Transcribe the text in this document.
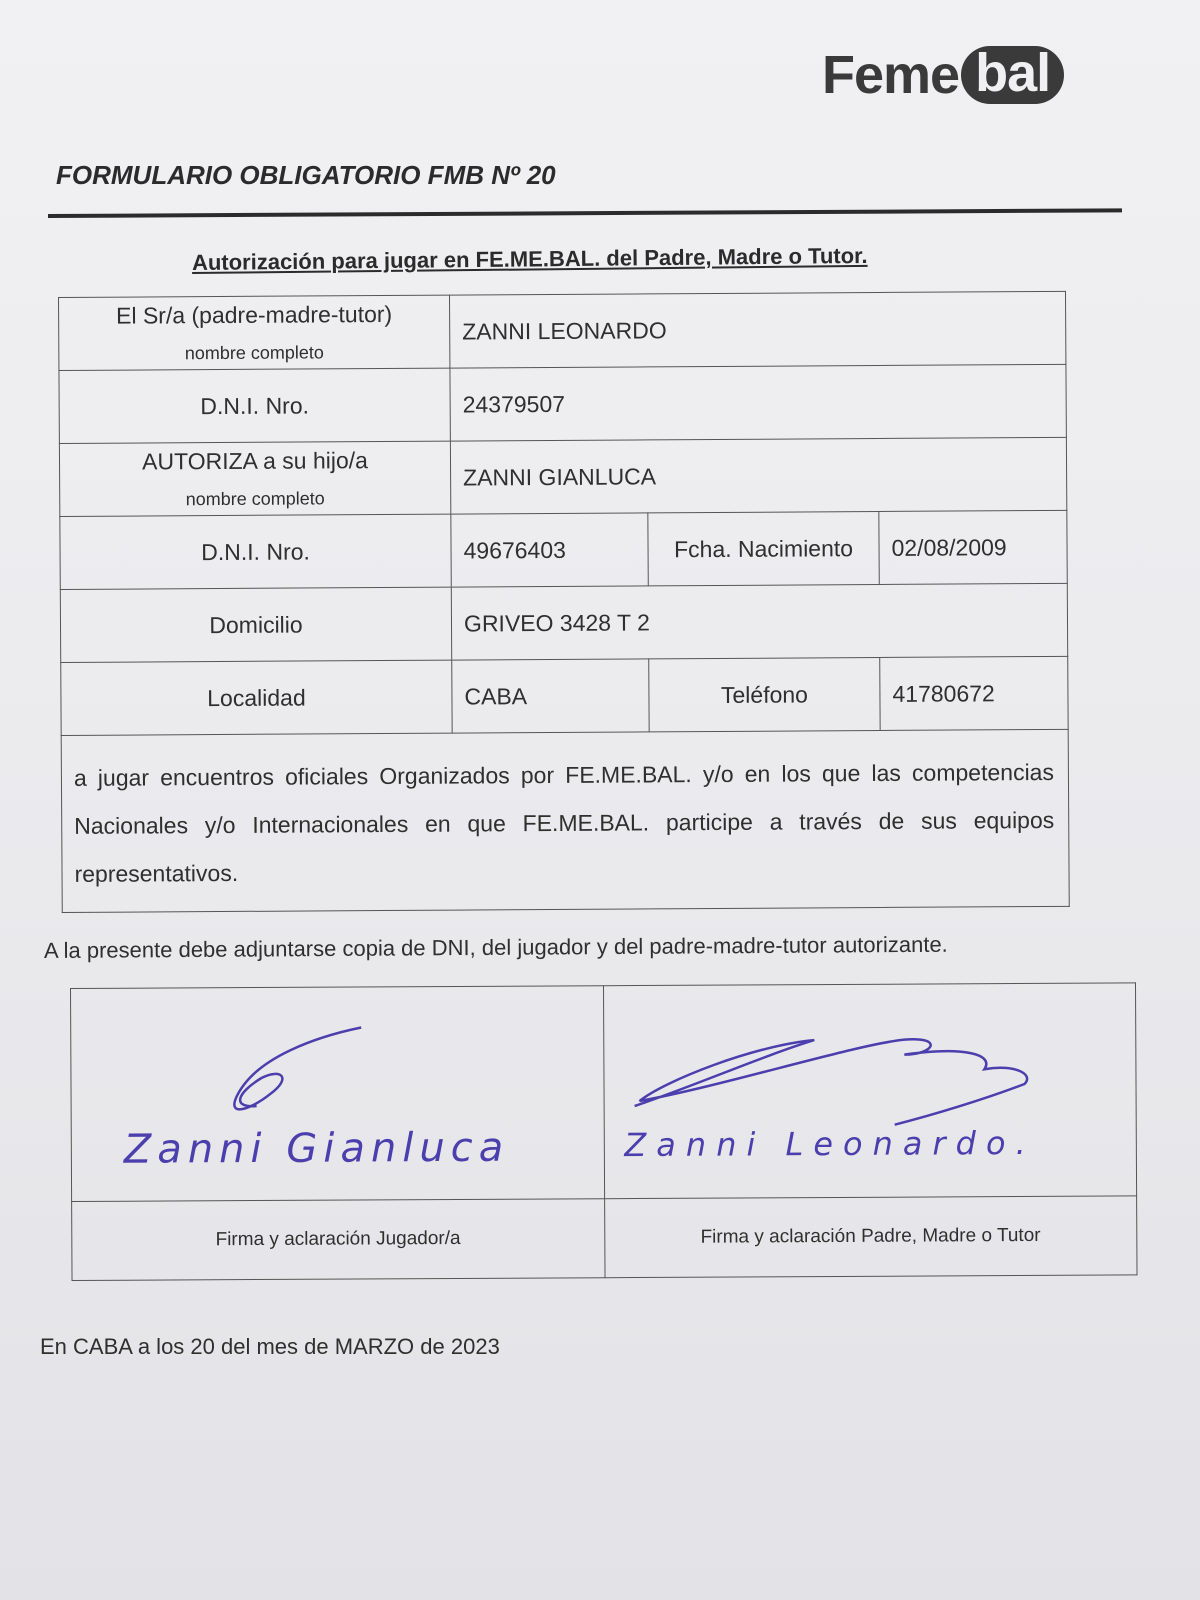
Feme bal
FORMULARIO OBLIGATORIO FMB Nº 20
Autorización para jugar en FE.ME.BAL. del Padre, Madre o Tutor.
El Sr/a (padre-madre-tutor)
nombre completo	ZANNI LEONARDO		
D.N.I. Nro.	24379507		
AUTORIZA a su hijo/a
nombre completo	ZANNI GIANLUCA		
D.N.I. Nro.	49676403	Fcha. Nacimiento	02/08/2009
Domicilio	GRIVEO 3428 T 2		
Localidad	CABA	Teléfono	41780672
a jugar encuentros oficiales Organizados por FE.ME.BAL. y/o en los que las competencias Nacionales y/o Internacionales en que FE.ME.BAL. participe a través de sus equipos representativos.			
A la presente debe adjuntarse copia de DNI, del jugador y del padre-madre-tutor autorizante.
Zanni Gianluca	Zanni Leonardo.

Firma y aclaración Jugador/a	Firma y aclaración Padre, Madre o Tutor
En CABA a los 20 del mes de MARZO de 2023
